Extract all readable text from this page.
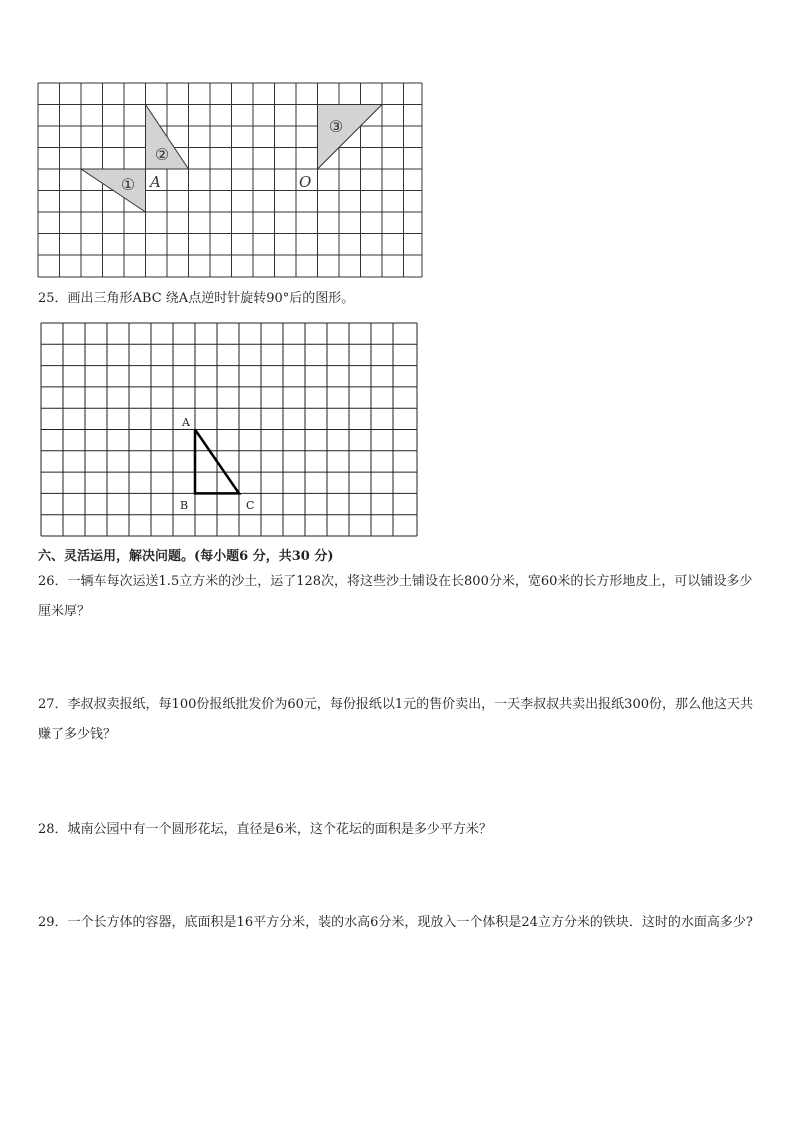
①
②
③
A	O
25．画出三角形ABC 绕A点逆时针旋转90°后的图形。
A
B	C
六、灵活运用，解决问题。(每小题6 分，共30 分)
26．一辆车每次运送1.5立方米的沙土，运了128次，将这些沙土铺设在长800分米，宽60米的长方形地皮上，可以铺设多少厘米厚？
27．李叔叔卖报纸，每100份报纸批发价为60元，每份报纸以1元的售价卖出，一天李叔叔共卖出报纸300份，那么他这天共赚了多少钱？
28．城南公园中有一个圆形花坛，直径是6米，这个花坛的面积是多少平方米？
29．一个长方体的容器，底面积是16平方分米，装的水高6分米，现放入一个体积是24立方分米的铁块．这时的水面高多少?
